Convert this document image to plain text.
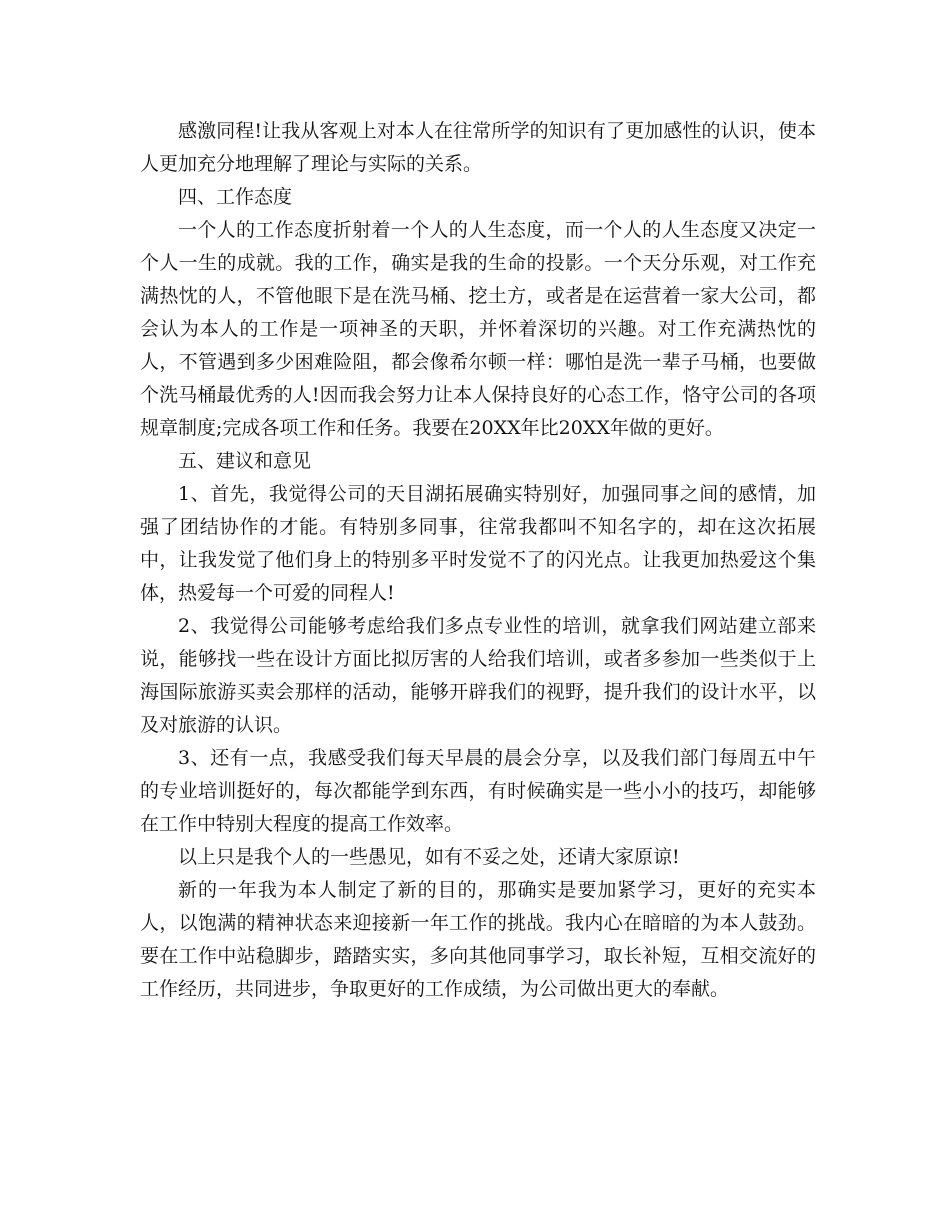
感激同程!让我从客观上对本人在往常所学的知识有了更加感性的认识，使本人更加充分地理解了理论与实际的关系。

四、工作态度

一个人的工作态度折射着一个人的人生态度，而一个人的人生态度又决定一个人一生的成就。我的工作，确实是我的生命的投影。一个天分乐观，对工作充满热忱的人，不管他眼下是在洗马桶、挖土方，或者是在运营着一家大公司，都会认为本人的工作是一项神圣的天职，并怀着深切的兴趣。对工作充满热忱的人，不管遇到多少困难险阻，都会像希尔顿一样：哪怕是洗一辈子马桶，也要做个洗马桶最优秀的人!因而我会努力让本人保持良好的心态工作，恪守公司的各项规章制度;完成各项工作和任务。我要在20XX年比20XX年做的更好。

五、建议和意见

1、首先，我觉得公司的天目湖拓展确实特别好，加强同事之间的感情，加强了团结协作的才能。有特别多同事，往常我都叫不知名字的，却在这次拓展中，让我发觉了他们身上的特别多平时发觉不了的闪光点。让我更加热爱这个集体，热爱每一个可爱的同程人!

2、我觉得公司能够考虑给我们多点专业性的培训，就拿我们网站建立部来说，能够找一些在设计方面比拟厉害的人给我们培训，或者多参加一些类似于上海国际旅游买卖会那样的活动，能够开辟我们的视野，提升我们的设计水平，以及对旅游的认识。

3、还有一点，我感受我们每天早晨的晨会分享，以及我们部门每周五中午的专业培训挺好的，每次都能学到东西，有时候确实是一些小小的技巧，却能够在工作中特别大程度的提高工作效率。

以上只是我个人的一些愚见，如有不妥之处，还请大家原谅!

新的一年我为本人制定了新的目的，那确实是要加紧学习，更好的充实本人，以饱满的精神状态来迎接新一年工作的挑战。我内心在暗暗的为本人鼓劲。要在工作中站稳脚步，踏踏实实，多向其他同事学习，取长补短，互相交流好的工作经历，共同进步，争取更好的工作成绩，为公司做出更大的奉献。
